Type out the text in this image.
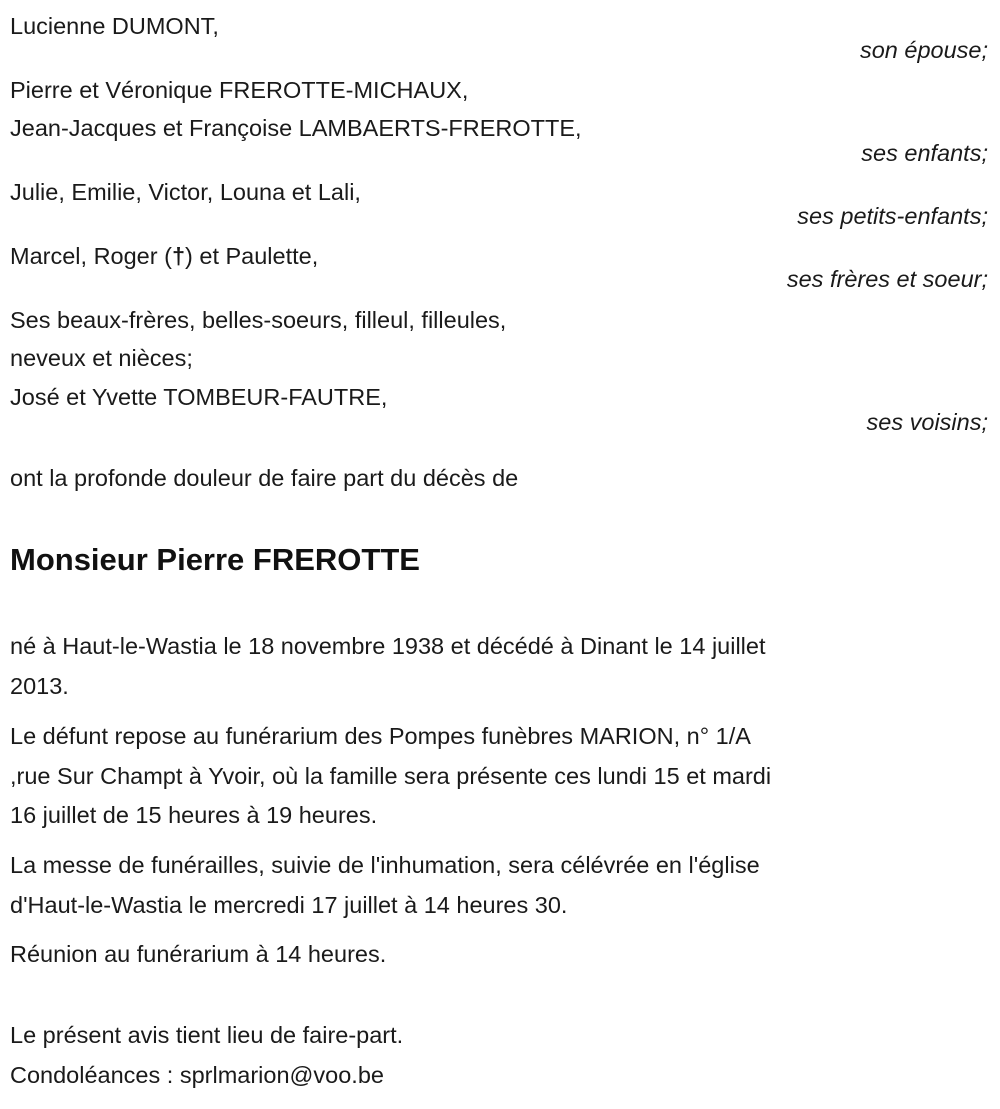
Lucienne DUMONT,
son épouse;
Pierre et Véronique FREROTTE-MICHAUX,
Jean-Jacques et Françoise LAMBAERTS-FREROTTE,
ses enfants;
Julie, Emilie, Victor, Louna et Lali,
ses petits-enfants;
Marcel, Roger (†) et Paulette,
ses frères et soeur;
Ses beaux-frères, belles-soeurs, filleul, filleules,
neveux et nièces;
José et Yvette TOMBEUR-FAUTRE,
ses voisins;
ont la profonde douleur de faire part du décès de
Monsieur Pierre FREROTTE
né à Haut-le-Wastia le 18 novembre 1938 et décédé à Dinant le 14 juillet
2013.
Le défunt repose au funérarium des Pompes funèbres MARION, n° 1/A
,rue Sur Champt à Yvoir, où la famille sera présente ces lundi 15 et mardi
16 juillet de 15 heures à 19 heures.
La messe de funérailles, suivie de l'inhumation, sera célévrée en l'église
d'Haut-le-Wastia le mercredi 17 juillet à 14 heures 30.
Réunion au funérarium à 14 heures.
Le présent avis tient lieu de faire-part.
Condoléances : sprlmarion@voo.be
